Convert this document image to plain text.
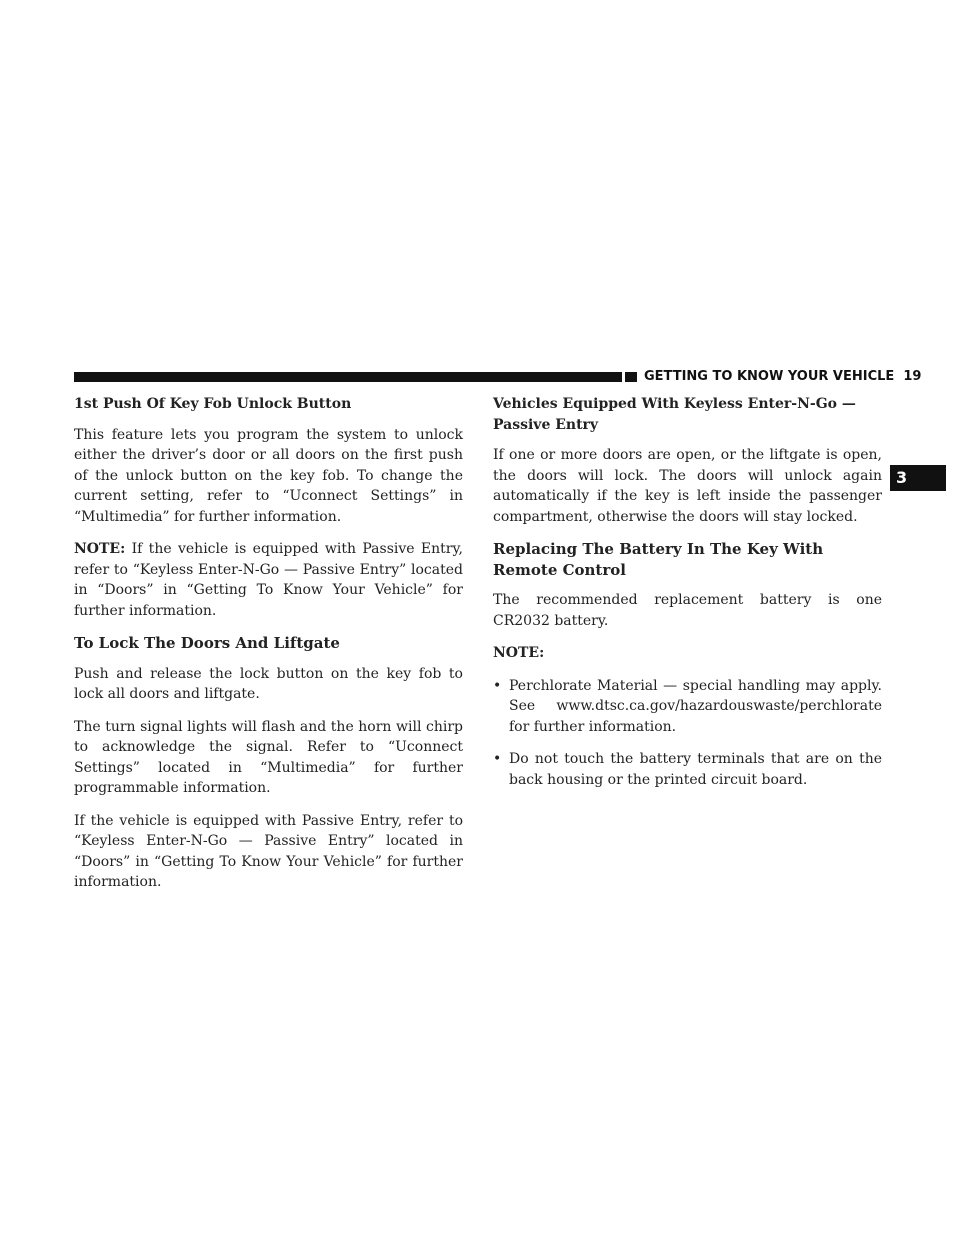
GETTING TO KNOW YOUR VEHICLE 19
3
1st Push Of Key Fob Unlock Button

This feature lets you program the system to unlock either the driver’s door or all doors on the first push of the unlock button on the key fob. To change the current setting, refer to “Uconnect Settings” in “Multimedia” for further information.

NOTE: If the vehicle is equipped with Passive Entry, refer to “Keyless Enter-N-Go — Passive Entry” located in “Doors” in “Getting To Know Your Vehicle” for further information.

To Lock The Doors And Liftgate

Push and release the lock button on the key fob to lock all doors and liftgate.

The turn signal lights will flash and the horn will chirp to acknowledge the signal. Refer to “Uconnect Settings” located in “Multimedia” for further programmable information.

If the vehicle is equipped with Passive Entry, refer to “Keyless Enter-N-Go — Passive Entry” located in “Doors” in “Getting To Know Your Vehicle” for further information.

Vehicles Equipped With Keyless Enter-N-Go — Passive Entry

If one or more doors are open, or the liftgate is open, the doors will lock. The doors will unlock again automatically if the key is left inside the passenger compartment, otherwise the doors will stay locked.

Replacing The Battery In The Key With Remote Control

The recommended replacement battery is one CR2032 battery.

NOTE:

• Perchlorate Material — special handling may apply. See www.dtsc.ca.gov/hazardouswaste/perchlorate for further information.
• Do not touch the battery terminals that are on the back housing or the printed circuit board.
